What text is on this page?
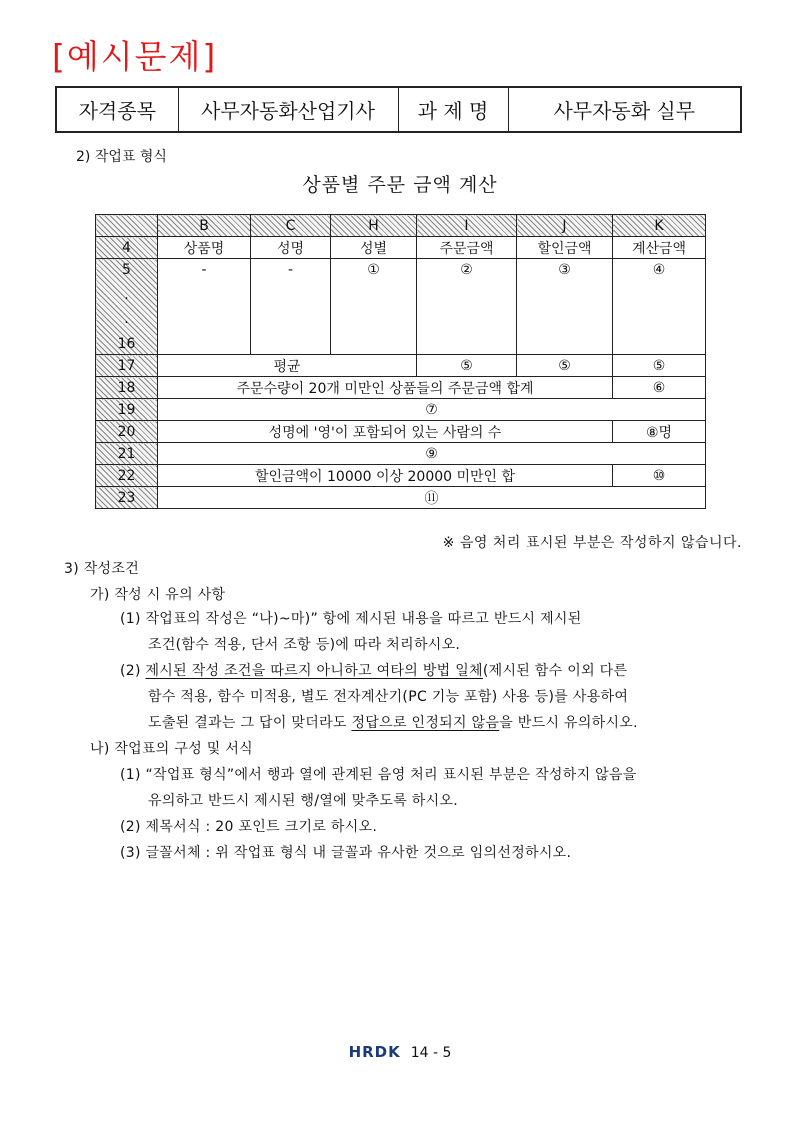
[예시문제]
자격종목	사무자동화산업기사	과 제 명	사무자동화 실무
2) 작업표 형식
상품별 주문 금액 계산
	B	C	H	I	J	K
4	상품명	성명	성별	주문금액	할인금액	계산금액

5
.
.
16	-	-	①	②	③	④
17	평균			⑤	⑤	⑤
18	주문수량이 20개 미만인 상품들의 주문금액 합계					⑥
19	⑦					
20	성명에 '영'이 포함되어 있는 사람의 수					⑧명
21	⑨					
22	할인금액이 10000 이상 20000 미만인 합					⑩
23	⑪					
※ 음영 처리 표시된 부분은 작성하지 않습니다.
3) 작성조건
가) 작성 시 유의 사항
(1) 작업표의 작성은 “나)~마)” 항에 제시된 내용을 따르고 반드시 제시된
조건(함수 적용, 단서 조항 등)에 따라 처리하시오.
(2) 제시된 작성 조건을 따르지 아니하고 여타의 방법 일체(제시된 함수 이외 다른
함수 적용, 함수 미적용, 별도 전자계산기(PC 기능 포함) 사용 등)를 사용하여
도출된 결과는 그 답이 맞더라도 정답으로 인정되지 않음을 반드시 유의하시오.
나) 작업표의 구성 및 서식
(1) “작업표 형식”에서 행과 열에 관계된 음영 처리 표시된 부분은 작성하지 않음을
유의하고 반드시 제시된 행/열에 맞추도록 하시오.
(2) 제목서식 : 20 포인트 크기로 하시오.
(3) 글꼴서체 : 위 작업표 형식 내 글꼴과 유사한 것으로 임의선정하시오.
HRDK 14 - 5
